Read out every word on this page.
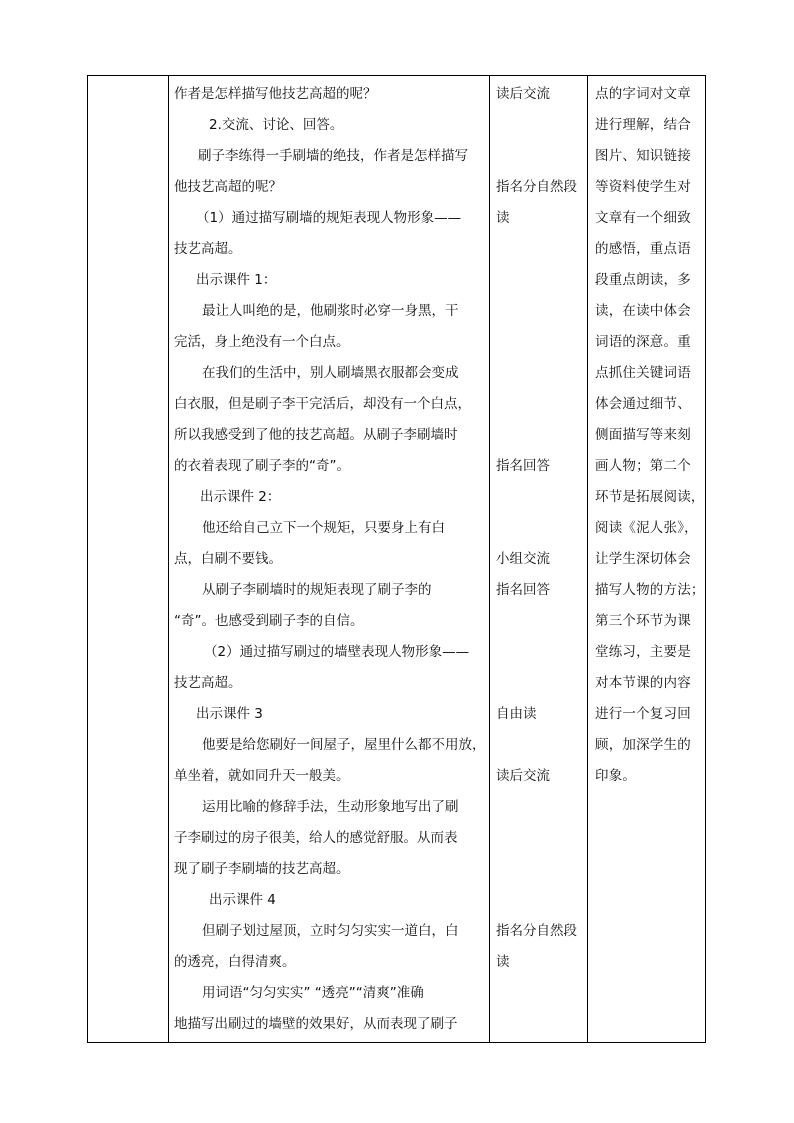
作者是怎样描写他技艺高超的呢？
2.交流、讨论、回答。
刷子李练得一手刷墙的绝技，作者是怎样描写
他技艺高超的呢？
（1）通过描写刷墙的规矩表现人物形象——
技艺高超。
出示课件 1：
最让人叫绝的是，他刷浆时必穿一身黑，干
完活，身上绝没有一个白点。
在我们的生活中，别人刷墙黑衣服都会变成
白衣服，但是刷子李干完活后，却没有一个白点，
所以我感受到了他的技艺高超。从刷子李刷墙时
的衣着表现了刷子李的“奇”。
出示课件 2：
他还给自己立下一个规矩，只要身上有白
点，白刷不要钱。
从刷子李刷墙时的规矩表现了刷子李的
“奇”。也感受到刷子李的自信。
（2）通过描写刷过的墙壁表现人物形象——
技艺高超。
出示课件 3
他要是给您刷好一间屋子，屋里什么都不用放，
单坐着，就如同升天一般美。
运用比喻的修辞手法，生动形象地写出了刷
子李刷过的房子很美，给人的感觉舒服。从而表
现了刷子李刷墙的技艺高超。
出示课件 4
但刷子划过屋顶，立时匀匀实实一道白，白
的透亮，白得清爽。
用词语“匀匀实实” “透亮”“清爽”准确
地描写出刷过的墙壁的效果好，从而表现了刷子
读后交流
指名分自然段
读
指名回答
小组交流
指名回答
自由读
读后交流
指名分自然段
读
点的字词对文章
进行理解，结合
图片、知识链接
等资料使学生对
文章有一个细致
的感悟，重点语
段重点朗读，多
读，在读中体会
词语的深意。重
点抓住关键词语
体会通过细节、
侧面描写等来刻
画人物；第二个
环节是拓展阅读，
阅读《泥人张》，
让学生深切体会
描写人物的方法；
第三个环节为课
堂练习，主要是
对本节课的内容
进行一个复习回
顾，加深学生的
印象。
